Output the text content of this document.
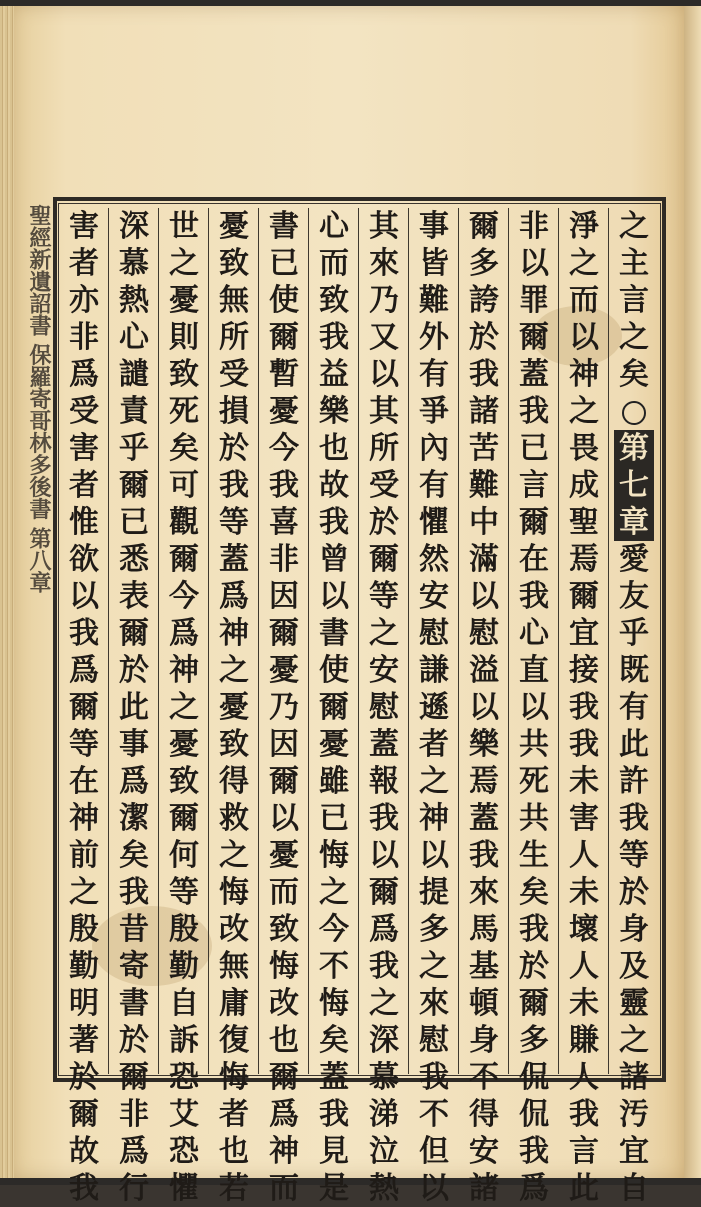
聖經新遺詔書 保羅寄哥林多後書 第八章	之
主
言
之
矣
第
七
章
愛
友
乎
既
有
此
許
我
等
於
身
及
靈
之
諸
汚
宜
自
淨
之
而
以
神
之
畏
成
聖
焉
爾
宜
接
我
我
未
害
人
未
壞
人
未
賺
人
我
言
此
非
以
罪
爾
蓋
我
已
言
爾
在
我
心
直
以
共
死
共
生
矣
我
於
爾
多
侃
侃
我
爲
爾
多
誇
於
我
諸
苦
難
中
滿
以
慰
溢
以
樂
焉
蓋
我
來
馬
基
頓
身
不
得
安
諸
事
皆
難
外
有
爭
內
有
懼
然
安
慰
謙
遜
者
之
神
以
提
多
之
來
慰
我
不
但
以
其
來
乃
又
以
其
所
受
於
爾
等
之
安
慰
蓋
報
我
以
爾
爲
我
之
深
慕
涕
泣
熱
心
而
致
我
益
樂
也
故
我
曾
以
書
使
爾
憂
雖
已
悔
之
今
不
悔
矣
蓋
我
見
是
書
已
使
爾
暫
憂
今
我
喜
非
因
爾
憂
乃
因
爾
以
憂
而
致
悔
改
也
爾
爲
神
而
憂
致
無
所
受
損
於
我
等
蓋
爲
神
之
憂
致
得
救
之
悔
改
無
庸
復
悔
者
也
若
世
之
憂
則
致
死
矣
可
觀
爾
今
爲
神
之
憂
致
爾
何
等
殷
勤
自
訴
恐
艾
恐
懼
深
慕
熱
心
譴
責
乎
爾
已
悉
表
爾
於
此
事
爲
潔
矣
我
昔
寄
書
於
爾
非
爲
行
害
者
亦
非
爲
受
害
者
惟
欲
以
我
爲
爾
等
在
神
前
之
殷
勤
明
著
於
爾
故
我
